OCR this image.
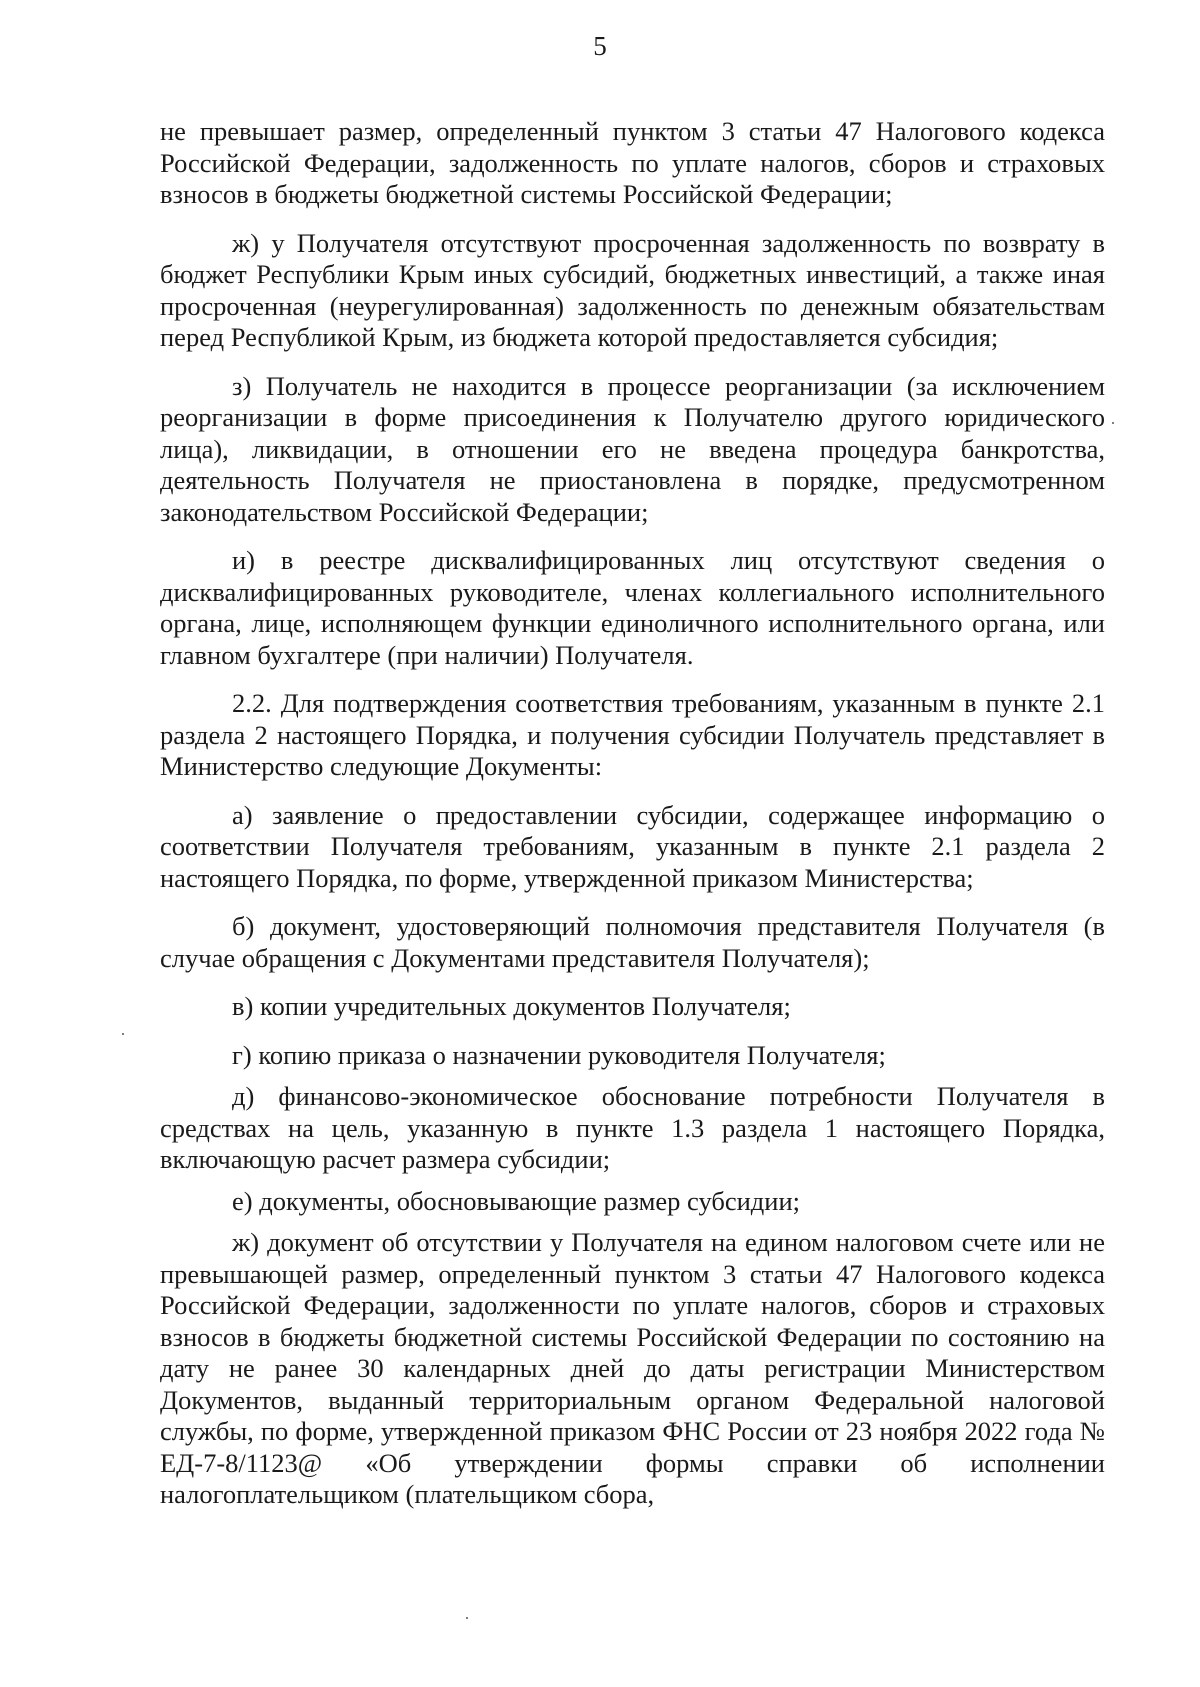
5

не превышает размер, определенный пунктом 3 статьи 47 Налогового кодекса Российской Федерации, задолженность по уплате налогов, сборов и страховых взносов в бюджеты бюджетной системы Российской Федерации;

ж) у Получателя отсутствуют просроченная задолженность по возврату в бюджет Республики Крым иных субсидий, бюджетных инвестиций, а также иная просроченная (неурегулированная) задолженность по денежным обязательствам перед Республикой Крым, из бюджета которой предоставляется субсидия;

з) Получатель не находится в процессе реорганизации (за исключением реорганизации в форме присоединения к Получателю другого юридического лица), ликвидации, в отношении его не введена процедура банкротства, деятельность Получателя не приостановлена в порядке, предусмотренном законодательством Российской Федерации;

и) в реестре дисквалифицированных лиц отсутствуют сведения о дисквалифицированных руководителе, членах коллегиального исполнительного органа, лице, исполняющем функции единоличного исполнительного органа, или главном бухгалтере (при наличии) Получателя.

2.2. Для подтверждения соответствия требованиям, указанным в пункте 2.1 раздела 2 настоящего Порядка, и получения субсидии Получатель представляет в Министерство следующие Документы:

а) заявление о предоставлении субсидии, содержащее информацию о соответствии Получателя требованиям, указанным в пункте 2.1 раздела 2 настоящего Порядка, по форме, утвержденной приказом Министерства;

б) документ, удостоверяющий полномочия представителя Получателя (в случае обращения с Документами представителя Получателя);

в) копии учредительных документов Получателя;

г) копию приказа о назначении руководителя Получателя;

д) финансово-экономическое обоснование потребности Получателя в средствах на цель, указанную в пункте 1.3 раздела 1 настоящего Порядка, включающую расчет размера субсидии;

е) документы, обосновывающие размер субсидии;

ж) документ об отсутствии у Получателя на едином налоговом счете или не превышающей размер, определенный пунктом 3 статьи 47 Налогового кодекса Российской Федерации, задолженности по уплате налогов, сборов и страховых взносов в бюджеты бюджетной системы Российской Федерации по состоянию на дату не ранее 30 календарных дней до даты регистрации Министерством Документов, выданный территориальным органом Федеральной налоговой службы, по форме, утвержденной приказом ФНС России от 23 ноября 2022 года № ЕД-7-8/1123@ «Об утверждении формы справки об исполнении налогоплательщиком (плательщиком сбора,
